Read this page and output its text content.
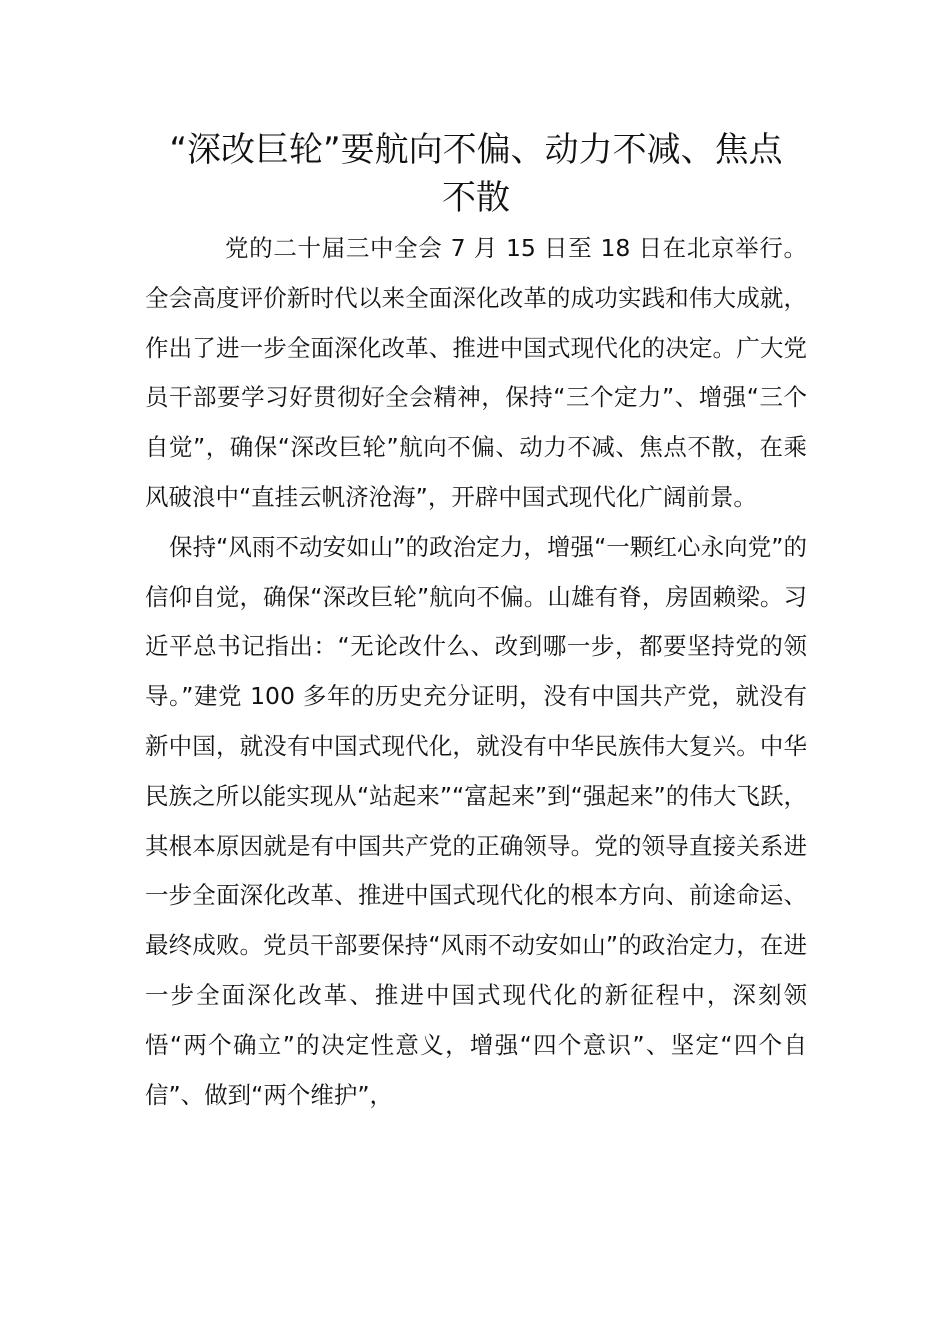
“深改巨轮”要航向不偏、动力不减、焦点
不散

党的二十届三中全会 7 月 15 日至 18 日在北京举行。全会高度评价新时代以来全面深化改革的成功实践和伟大成就，作出了进一步全面深化改革、推进中国式现代化的决定。广大党员干部要学习好贯彻好全会精神，保持“三个定力”、增强“三个自觉”，确保“深改巨轮”航向不偏、动力不减、焦点不散，在乘风破浪中“直挂云帆济沧海”，开辟中国式现代化广阔前景。

保持“风雨不动安如山”的政治定力，增强“一颗红心永向党”的信仰自觉，确保“深改巨轮”航向不偏。山雄有脊，房固赖梁。习近平总书记指出：“无论改什么、改到哪一步，都要坚持党的领导。”建党 100 多年的历史充分证明，没有中国共产党，就没有新中国，就没有中国式现代化，就没有中华民族伟大复兴。中华民族之所以能实现从“站起来”“富起来”到“强起来”的伟大飞跃，其根本原因就是有中国共产党的正确领导。党的领导直接关系进一步全面深化改革、推进中国式现代化的根本方向、前途命运、最终成败。党员干部要保持“风雨不动安如山”的政治定力，在进一步全面深化改革、推进中国式现代化的新征程中，深刻领悟“两个确立”的决定性意义，增强“四个意识”、坚定“四个自信”、做到“两个维护”，
